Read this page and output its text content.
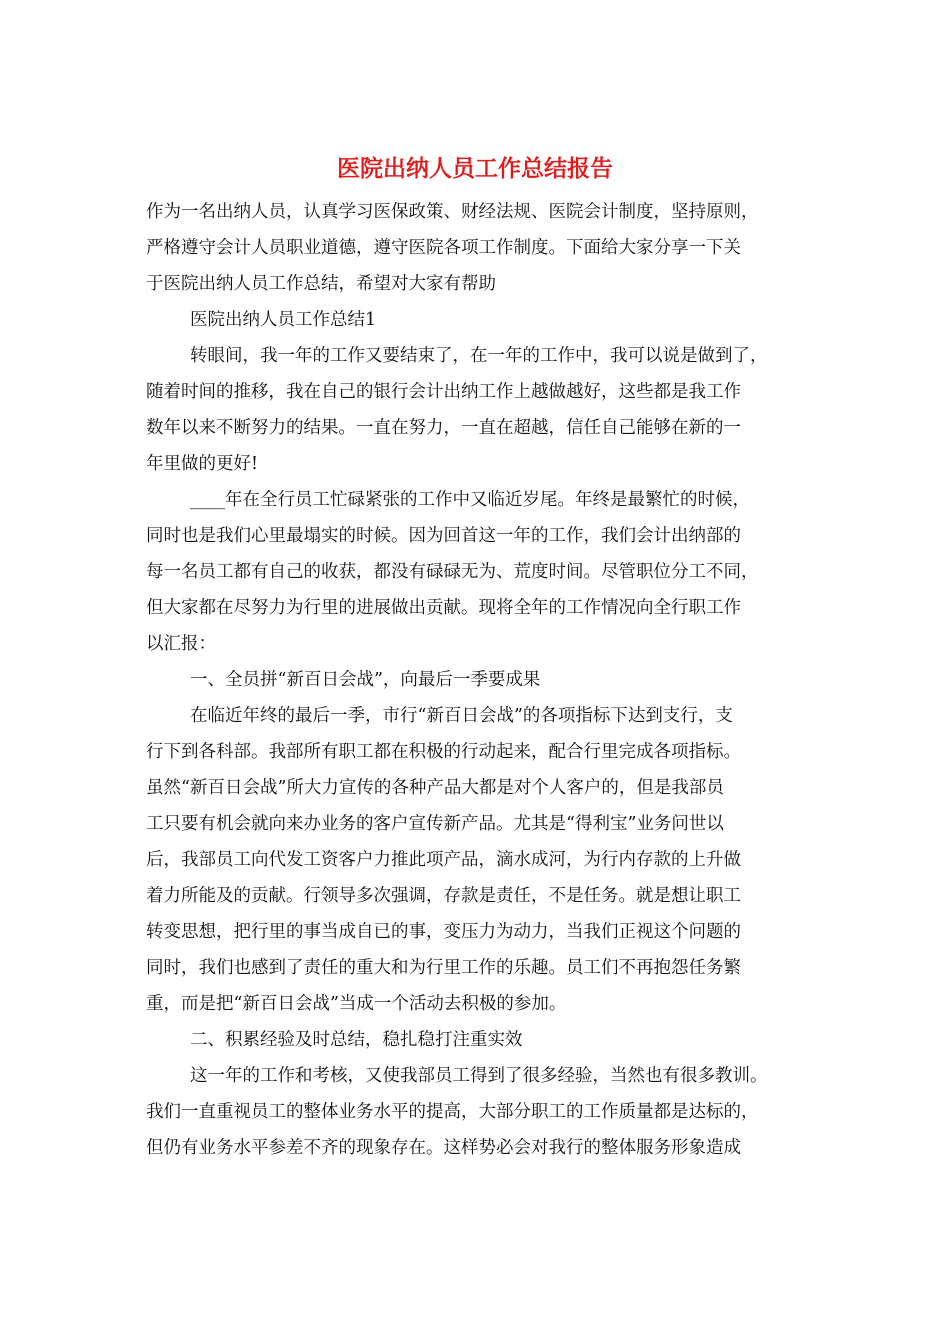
医院出纳人员工作总结报告
作为一名出纳人员，认真学习医保政策、财经法规、医院会计制度，坚持原则，
严格遵守会计人员职业道德，遵守医院各项工作制度。下面给大家分享一下关
于医院出纳人员工作总结，希望对大家有帮助
医院出纳人员工作总结1
转眼间，我一年的工作又要结束了，在一年的工作中，我可以说是做到了，
随着时间的推移，我在自己的银行会计出纳工作上越做越好，这些都是我工作
数年以来不断努力的结果。一直在努力，一直在超越，信任自己能够在新的一
年里做的更好!
____年在全行员工忙碌紧张的工作中又临近岁尾。年终是最繁忙的时候，
同时也是我们心里最塌实的时候。因为回首这一年的工作，我们会计出纳部的
每一名员工都有自己的收获，都没有碌碌无为、荒度时间。尽管职位分工不同，
但大家都在尽努力为行里的进展做出贡献。现将全年的工作情况向全行职工作
以汇报：
一、全员拼“新百日会战”，向最后一季要成果
在临近年终的最后一季，市行“新百日会战”的各项指标下达到支行，支
行下到各科部。我部所有职工都在积极的行动起来，配合行里完成各项指标。
虽然“新百日会战”所大力宣传的各种产品大都是对个人客户的，但是我部员
工只要有机会就向来办业务的客户宣传新产品。尤其是“得利宝”业务问世以
后，我部员工向代发工资客户力推此项产品，滴水成河，为行内存款的上升做
着力所能及的贡献。行领导多次强调，存款是责任，不是任务。就是想让职工
转变思想，把行里的事当成自已的事，变压力为动力，当我们正视这个问题的
同时，我们也感到了责任的重大和为行里工作的乐趣。员工们不再抱怨任务繁
重，而是把“新百日会战”当成一个活动去积极的参加。
二、积累经验及时总结，稳扎稳打注重实效
这一年的工作和考核，又使我部员工得到了很多经验，当然也有很多教训。
我们一直重视员工的整体业务水平的提高，大部分职工的工作质量都是达标的，
但仍有业务水平参差不齐的现象存在。这样势必会对我行的整体服务形象造成
